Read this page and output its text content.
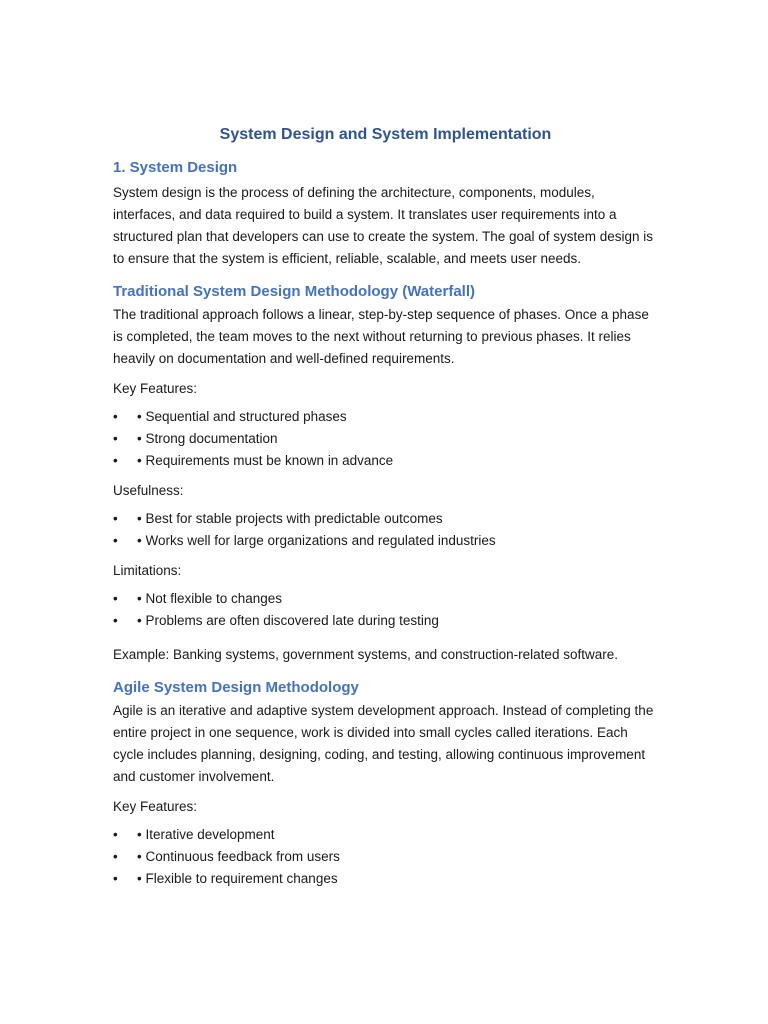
System Design and System Implementation
1. System Design

System design is the process of defining the architecture, components, modules, interfaces, and data required to build a system. It translates user requirements into a structured plan that developers can use to create the system. The goal of system design is to ensure that the system is efficient, reliable, scalable, and meets user needs.

Traditional System Design Methodology (Waterfall)

The traditional approach follows a linear, step-by-step sequence of phases. Once a phase is completed, the team moves to the next without returning to previous phases. It relies heavily on documentation and well-defined requirements.

Key Features:
• • Sequential and structured phases
• • Strong documentation
• • Requirements must be known in advance
Usefulness:
• • Best for stable projects with predictable outcomes
• • Works well for large organizations and regulated industries
Limitations:
• • Not flexible to changes
• • Problems are often discovered late during testing

Example: Banking systems, government systems, and construction-related software.

Agile System Design Methodology

Agile is an iterative and adaptive system development approach. Instead of completing the entire project in one sequence, work is divided into small cycles called iterations. Each cycle includes planning, designing, coding, and testing, allowing continuous improvement and customer involvement.

Key Features:
• • Iterative development
• • Continuous feedback from users
• • Flexible to requirement changes
